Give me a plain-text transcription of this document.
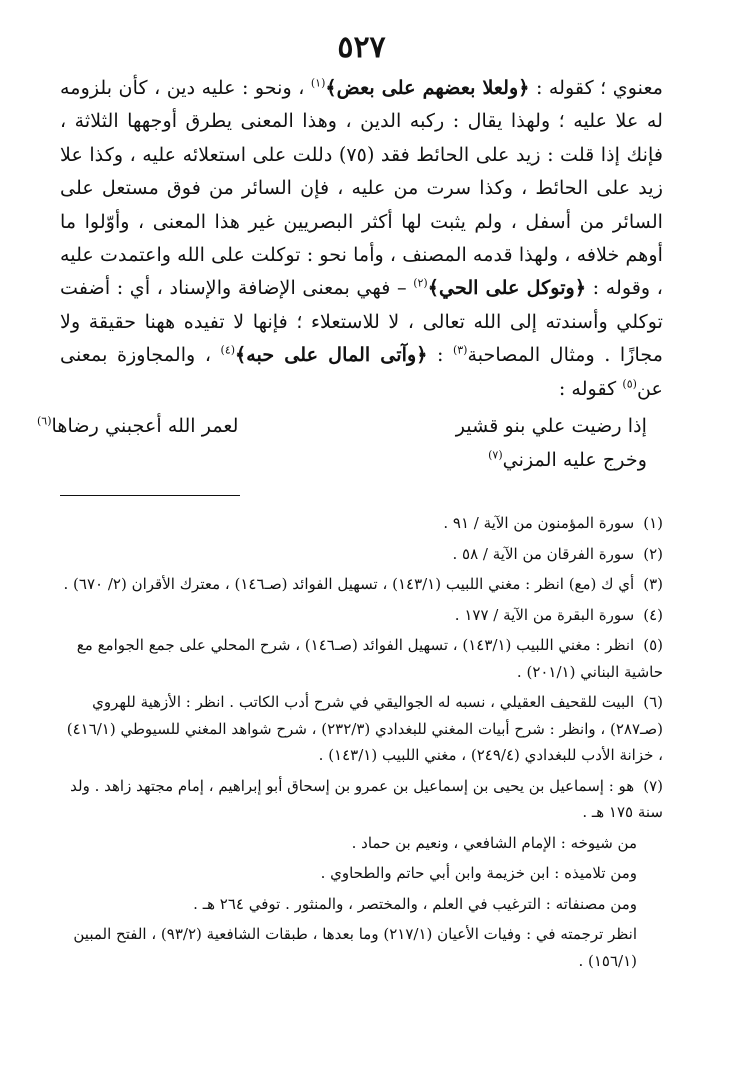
٥٢٧

معنوي ؛ كقوله : ﴿ولعلا بعضهم على بعض﴾$^{(١)}$ ، ونحو : عليه دين ، كأن بلزومه له علا عليه ؛ ولهذا يقال : ركبه الدين ، وهذا المعنى يطرق أوجهها الثلاثة ، فإنك إذا قلت : زيد على الحائط فقد (٧٥) دللت على استعلائه عليه ، وكذا علا زيد على الحائط ، وكذا سرت من عليه ، فإن السائر من فوق مستعل على السائر من أسفل ، ولم يثبت لها أكثر البصريين غير هذا المعنى ، وأوّلوا ما أوهم خلافه ، ولهذا قدمه المصنف ، وأما نحو : توكلت على الله واعتمدت عليه ، وقوله : ﴿وتوكل على الحي﴾$^{(٢)}$ – فهي بمعنى الإضافة والإسناد ، أي : أضفت توكلي وأسندته إلى الله تعالى ، لا للاستعلاء ؛ فإنها لا تفيده ههنا حقيقة ولا مجازًا . ومثال المصاحبة$^{(٣)}$ : ﴿وآتى المال على حبه﴾$^{(٤)}$ ، والمجاوزة بمعنى عن$^{(٥)}$ كقوله :

إذا رضيت علي بنو قشير
لعمر الله أعجبني رضاها$^{(٦)}$
وخرج عليه المزني$^{(٧)}$
(١) سورة المؤمنون من الآية / ٩١ .
(٢) سورة الفرقان من الآية / ٥٨ .
(٣) أي ك (مع) انظر : مغني اللبيب (١٤٣/١) ، تسهيل الفوائد (صـ١٤٦) ، معترك الأقران (٢/ ٦٧٠) .
(٤) سورة البقرة من الآية / ١٧٧ .
(٥) انظر : مغني اللبيب (١٤٣/١) ، تسهيل الفوائد (صـ١٤٦) ، شرح المحلي على جمع الجوامع مع حاشية البناني (٢٠١/١) .
(٦) البيت للقحيف العقيلي ، نسبه له الجواليقي في شرح أدب الكاتب . انظر : الأزهية للهروي (صـ٢٨٧) ، وانظر : شرح أبيات المغني للبغدادي (٢٣٢/٣) ، شرح شواهد المغني للسيوطي (٤١٦/١) ، خزانة الأدب للبغدادي (٢٤٩/٤) ، مغني اللبيب (١٤٣/١) .
(٧) هو : إسماعيل بن يحيى بن إسماعيل بن عمرو بن إسحاق أبو إبراهيم ، إمام مجتهد زاهد . ولد سنة ١٧٥ هـ .
من شيوخه : الإمام الشافعي ، ونعيم بن حماد .
ومن تلاميذه : ابن خزيمة وابن أبي حاتم والطحاوي .
ومن مصنفاته : الترغيب في العلم ، والمختصر ، والمنثور . توفي ٢٦٤ هـ .
انظر ترجمته في : وفيات الأعيان (٢١٧/١) وما بعدها ، طبقات الشافعية (٩٣/٢) ، الفتح المبين (١٥٦/١) .
